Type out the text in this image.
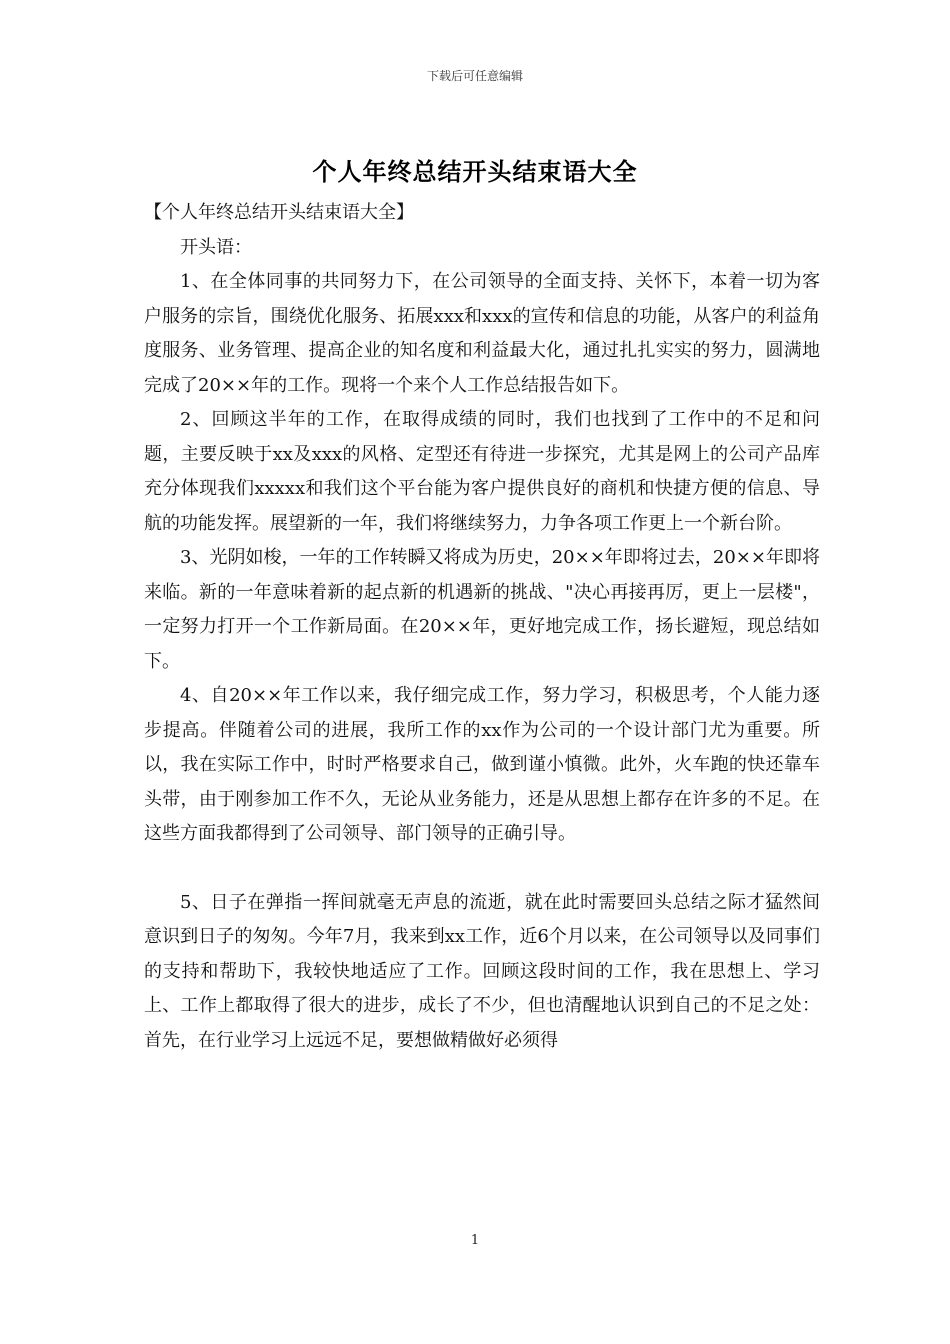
下载后可任意编辑
个人年终总结开头结束语大全

【个人年终总结开头结束语大全】

开头语：

1、在全体同事的共同努力下，在公司领导的全面支持、关怀下，本着一切为客户服务的宗旨，围绕优化服务、拓展xxx和xxx的宣传和信息的功能，从客户的利益角度服务、业务管理、提高企业的知名度和利益最大化，通过扎扎实实的努力，圆满地完成了20××年的工作。现将一个来个人工作总结报告如下。

2、回顾这半年的工作，在取得成绩的同时，我们也找到了工作中的不足和问题，主要反映于xx及xxx的风格、定型还有待进一步探究，尤其是网上的公司产品库充分体现我们xxxxx和我们这个平台能为客户提供良好的商机和快捷方便的信息、导航的功能发挥。展望新的一年，我们将继续努力，力争各项工作更上一个新台阶。

3、光阴如梭，一年的工作转瞬又将成为历史，20××年即将过去，20××年即将来临。新的一年意味着新的起点新的机遇新的挑战、"决心再接再厉，更上一层楼"，一定努力打开一个工作新局面。在20××年，更好地完成工作，扬长避短，现总结如下。

4、自20××年工作以来，我仔细完成工作，努力学习，积极思考，个人能力逐步提高。伴随着公司的进展，我所工作的xx作为公司的一个设计部门尤为重要。所以，我在实际工作中，时时严格要求自己，做到谨小慎微。此外，火车跑的快还靠车头带，由于刚参加工作不久，无论从业务能力，还是从思想上都存在许多的不足。在这些方面我都得到了公司领导、部门领导的正确引导。

5、日子在弹指一挥间就毫无声息的流逝，就在此时需要回头总结之际才猛然间意识到日子的匆匆。今年7月，我来到xx工作，近6个月以来，在公司领导以及同事们的支持和帮助下，我较快地适应了工作。回顾这段时间的工作，我在思想上、学习上、工作上都取得了很大的进步，成长了不少，但也清醒地认识到自己的不足之处：首先，在行业学习上远远不足，要想做精做好必须得

1
